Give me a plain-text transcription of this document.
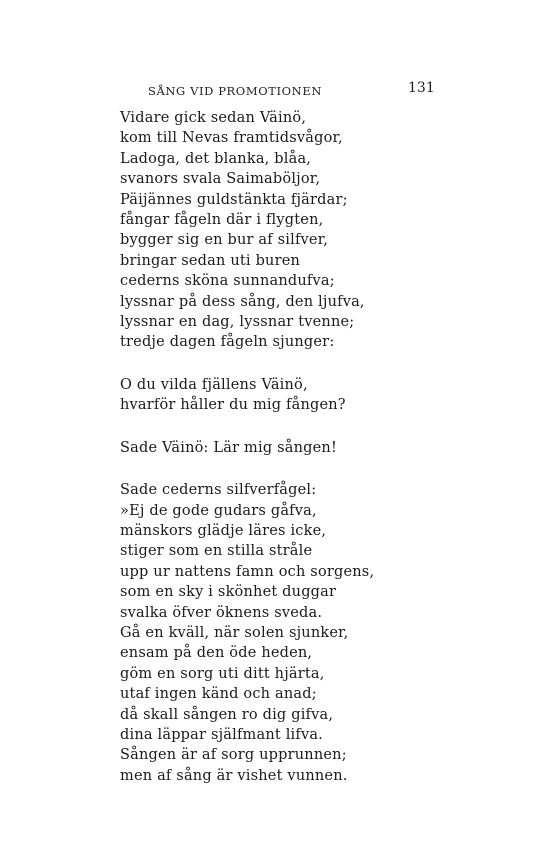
SÅNG VID PROMOTIONEN	131
Vidare gick sedan Väinö,
kom till Nevas framtidsvågor,
Ladoga, det blanka, blåa,
svanors svala Saimaböljor,
Päijännes guldstänkta fjärdar;
fångar fågeln där i flygten,
bygger sig en bur af silfver,
bringar sedan uti buren
cederns sköna sunnandufva;
lyssnar på dess sång, den ljufva,
lyssnar en dag, lyssnar tvenne;
tredje dagen fågeln sjunger:
O du vilda fjällens Väinö,
hvarför håller du mig fången?
Sade Väinö: Lär mig sången!
Sade cederns silfverfågel:
»Ej de gode gudars gåfva,
mänskors glädje läres icke,
stiger som en stilla stråle
upp ur nattens famn och sorgens,
som en sky i skönhet duggar
svalka öfver öknens sveda.
Gå en kväll, när solen sjunker,
ensam på den öde heden,
göm en sorg uti ditt hjärta,
utaf ingen känd och anad;
då skall sången ro dig gifva,
dina läppar själfmant lifva.
Sången är af sorg upprunnen;
men af sång är vishet vunnen.
